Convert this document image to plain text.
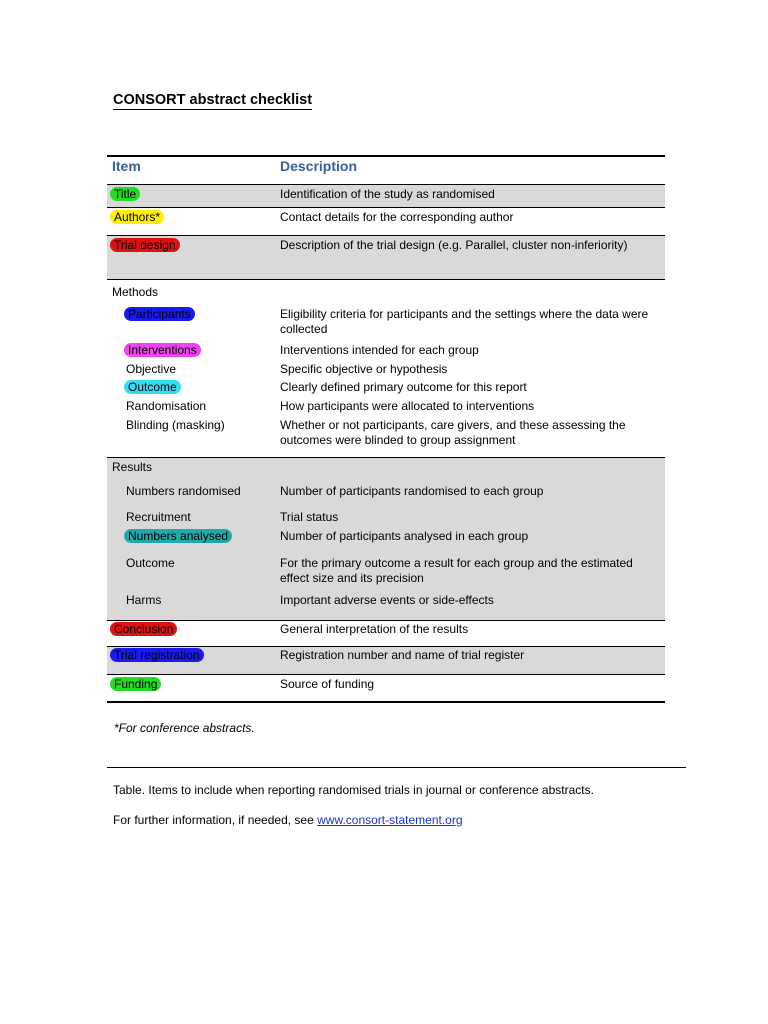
CONSORT abstract checklist
Item	Description
Title	Identification of the study as randomised
Authors*	Contact details for the corresponding author
Trial design	Description of the trial design (e.g. Parallel, cluster non-inferiority)
Methods
Participants	Eligibility criteria for participants and the settings where the data were collected
Interventions	Interventions intended for each group
Objective	Specific objective or hypothesis
Outcome	Clearly defined primary outcome for this report
Randomisation	How participants were allocated to interventions
Blinding (masking)	Whether or not participants, care givers, and these assessing the outcomes were blinded to group assignment
Results
Numbers randomised	Number of participants randomised to each group
Recruitment	Trial status
Numbers analysed	Number of participants analysed in each group
Outcome	For the primary outcome a result for each group and the estimated effect size and its precision
Harms	Important adverse events or side-effects
Conclusion	General interpretation of the results
Trial registration	Registration number and name of trial register
Funding	Source of funding
*For conference abstracts.
Table. Items to include when reporting randomised trials in journal or conference abstracts.
For further information, if needed, see www.consort-statement.org
